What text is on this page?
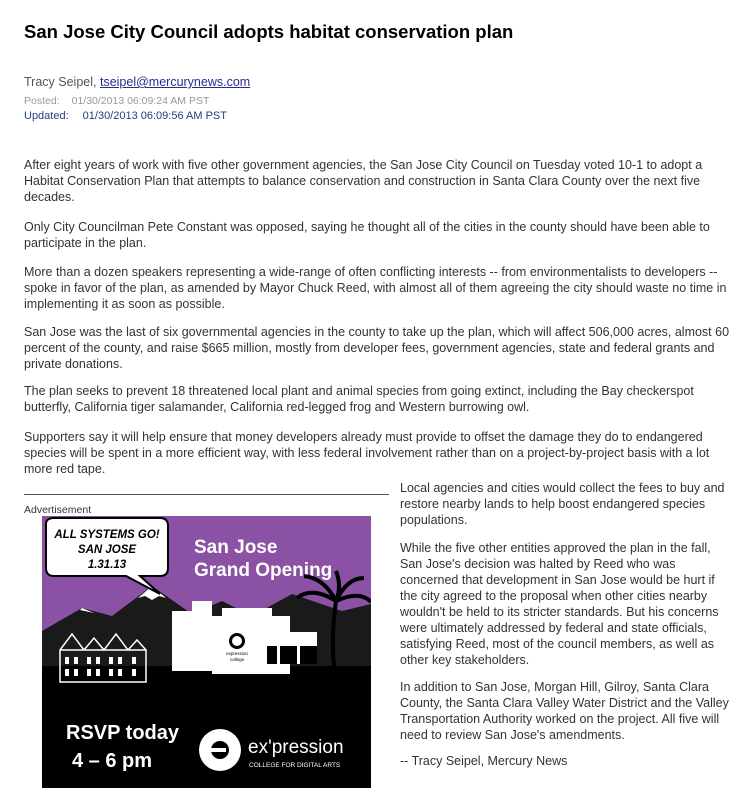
San Jose City Council adopts habitat conservation plan
Tracy Seipel, tseipel@mercurynews.com
Posted: 01/30/2013 06:09:24 AM PST
Updated: 01/30/2013 06:09:56 AM PST

After eight years of work with five other government agencies, the San Jose City Council on Tuesday voted 10-1 to adopt a Habitat Conservation Plan that attempts to balance conservation and construction in Santa Clara County over the next five decades.

Only City Councilman Pete Constant was opposed, saying he thought all of the cities in the county should have been able to participate in the plan.

More than a dozen speakers representing a wide-range of often conflicting interests -- from environmentalists to developers -- spoke in favor of the plan, as amended by Mayor Chuck Reed, with almost all of them agreeing the city should waste no time in implementing it as soon as possible.

San Jose was the last of six governmental agencies in the county to take up the plan, which will affect 506,000 acres, almost 60 percent of the county, and raise $665 million, mostly from developer fees, government agencies, state and federal grants and private donations.

The plan seeks to prevent 18 threatened local plant and animal species from going extinct, including the Bay checkerspot butterfly, California tiger salamander, California red-legged frog and Western burrowing owl.

Supporters say it will help ensure that money developers already must provide to offset the damage they do to endangered species will be spent in a more efficient way, with less federal involvement rather than on a project-by-project basis with a lot more red tape.

Advertisement
ALL SYSTEMS GO!
SAN JOSE
1.31.13
San Jose
Grand Opening
expression
college
RSVP today
4 – 6 pm
ex'pression
COLLEGE FOR DIGITAL ARTS

Local agencies and cities would collect the fees to buy and restore nearby lands to help boost endangered species populations.

While the five other entities approved the plan in the fall, San Jose's decision was halted by Reed who was concerned that development in San Jose would be hurt if the city agreed to the proposal when other cities nearby wouldn't be held to its stricter standards. But his concerns were ultimately addressed by federal and state officials, satisfying Reed, most of the council members, as well as other key stakeholders.

In addition to San Jose, Morgan Hill, Gilroy, Santa Clara County, the Santa Clara Valley Water District and the Valley Transportation Authority worked on the project. All five will need to review San Jose's amendments.

-- Tracy Seipel, Mercury News
